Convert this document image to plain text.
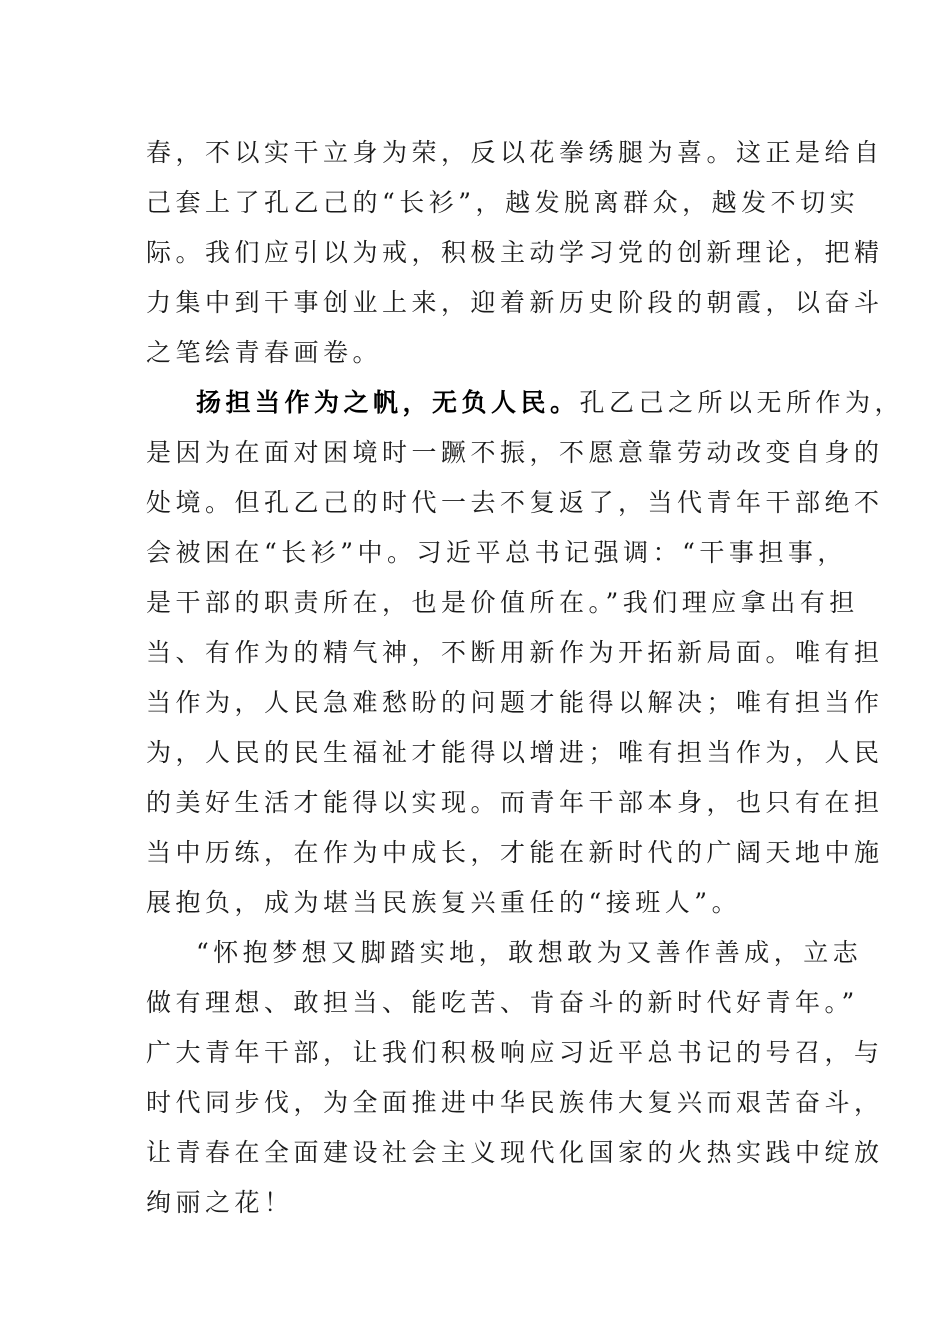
春，不以实干立身为荣，反以花拳绣腿为喜。这正是给自
己套上了孔乙己的“长衫”，越发脱离群众，越发不切实
际。我们应引以为戒，积极主动学习党的创新理论，把精
力集中到干事创业上来，迎着新历史阶段的朝霞，以奋斗
之笔绘青春画卷。
扬担当作为之帆，无负人民。孔乙己之所以无所作为，
是因为在面对困境时一蹶不振，不愿意靠劳动改变自身的
处境。但孔乙己的时代一去不复返了，当代青年干部绝不
会被困在“长衫”中。习近平总书记强调：“干事担事，
是干部的职责所在，也是价值所在。”我们理应拿出有担
当、有作为的精气神，不断用新作为开拓新局面。唯有担
当作为，人民急难愁盼的问题才能得以解决；唯有担当作
为，人民的民生福祉才能得以增进；唯有担当作为，人民
的美好生活才能得以实现。而青年干部本身，也只有在担
当中历练，在作为中成长，才能在新时代的广阔天地中施
展抱负，成为堪当民族复兴重任的“接班人”。
“怀抱梦想又脚踏实地，敢想敢为又善作善成，立志
做有理想、敢担当、能吃苦、肯奋斗的新时代好青年。”
广大青年干部，让我们积极响应习近平总书记的号召，与
时代同步伐，为全面推进中华民族伟大复兴而艰苦奋斗，
让青春在全面建设社会主义现代化国家的火热实践中绽放
绚丽之花！
